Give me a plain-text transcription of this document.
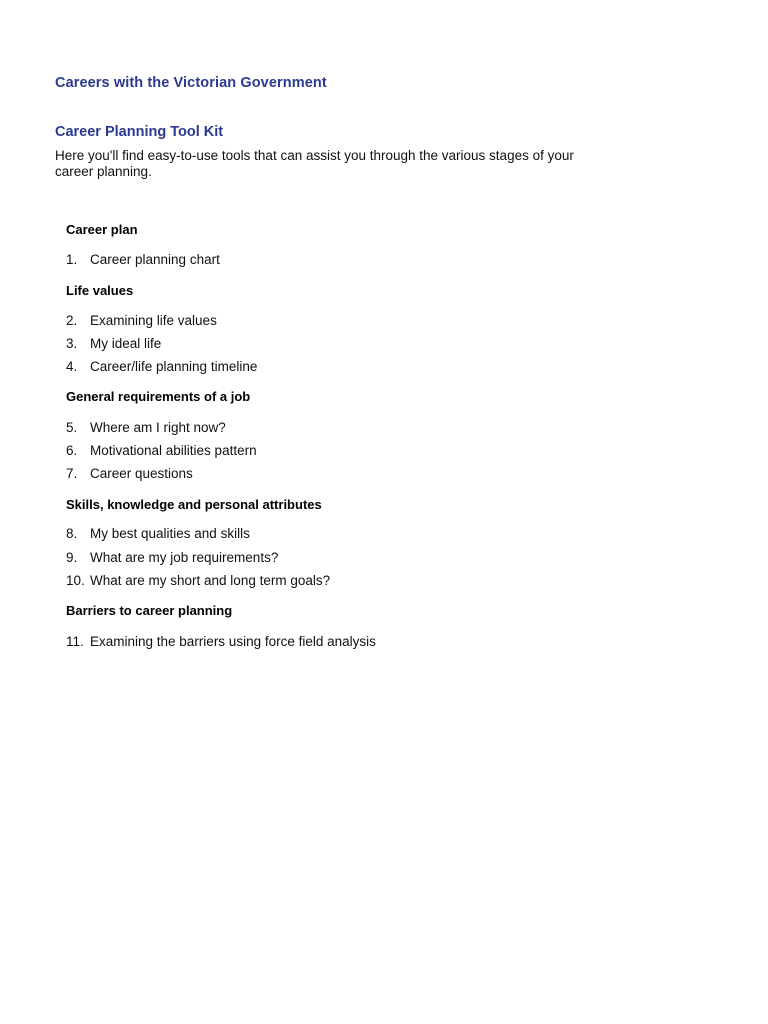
Careers with the Victorian Government
Career Planning Tool Kit
Here you'll find easy-to-use tools that can assist you through the various stages of your
career planning.
Career plan
1. Career planning chart
Life values
2. Examining life values
3. My ideal life
4. Career/life planning timeline
General requirements of a job
5. Where am I right now?
6. Motivational abilities pattern
7. Career questions
Skills, knowledge and personal attributes
8. My best qualities and skills
9. What are my job requirements?
10. What are my short and long term goals?
Barriers to career planning
11. Examining the barriers using force field analysis
